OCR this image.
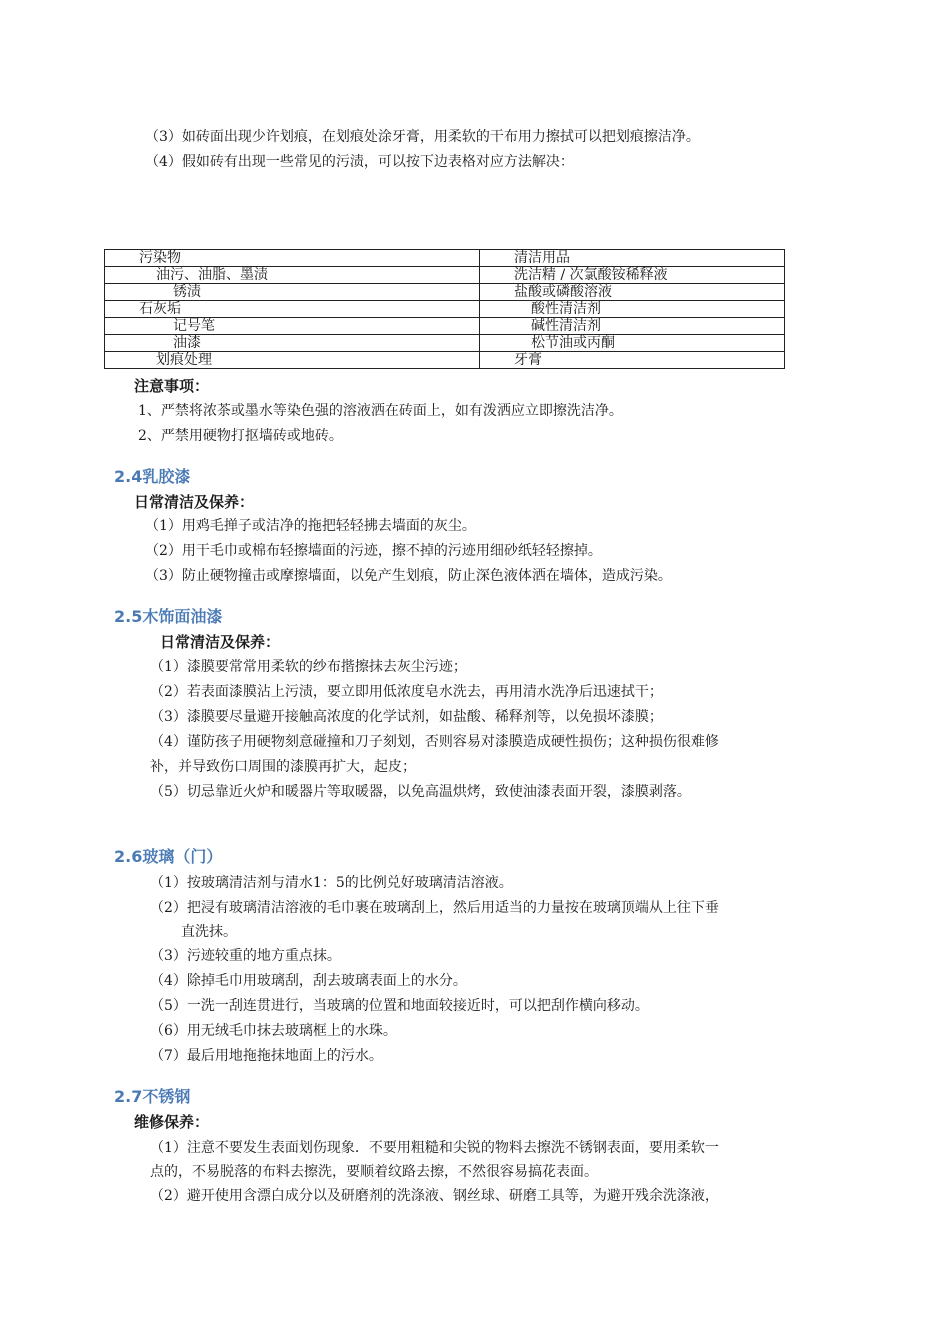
（3）如砖面出现少许划痕，在划痕处涂牙膏，用柔软的干布用力擦拭可以把划痕擦洁净。
（4）假如砖有出现一些常见的污渍，可以按下边表格对应方法解决：
污染物	清洁用品
油污、油脂、墨渍	洗洁精 / 次氯酸铵稀释液
锈渍	盐酸或磷酸溶液
石灰垢	酸性清洁剂
记号笔	碱性清洁剂
油漆	松节油或丙酮
划痕处理	牙膏
注意事项：
1、严禁将浓茶或墨水等染色强的溶液洒在砖面上，如有泼洒应立即擦洗洁净。
2、严禁用硬物打抠墙砖或地砖。
2.4乳胶漆
日常清洁及保养：
（1）用鸡毛掸子或洁净的拖把轻轻拂去墙面的灰尘。
（2）用干毛巾或棉布轻擦墙面的污迹，擦不掉的污迹用细砂纸轻轻擦掉。
（3）防止硬物撞击或摩擦墙面，以免产生划痕，防止深色液体洒在墙体，造成污染。
2.5木饰面油漆
日常清洁及保养：
（1）漆膜要常常用柔软的纱布揩擦抹去灰尘污迹；
（2）若表面漆膜沾上污渍，要立即用低浓度皂水洗去，再用清水洗净后迅速拭干；
（3）漆膜要尽量避开接触高浓度的化学试剂，如盐酸、稀释剂等，以免损坏漆膜；
（4）谨防孩子用硬物刻意碰撞和刀子刻划，否则容易对漆膜造成硬性损伤；这种损伤很难修
补，并导致伤口周围的漆膜再扩大，起皮；
（5）切忌靠近火炉和暖器片等取暖器，以免高温烘烤，致使油漆表面开裂，漆膜剥落。
2.6玻璃（门）
（1）按玻璃清洁剂与清水1：5的比例兑好玻璃清洁溶液。
（2）把浸有玻璃清洁溶液的毛巾裹在玻璃刮上，然后用适当的力量按在玻璃顶端从上往下垂
直洗抹。
（3）污迹较重的地方重点抹。
（4）除掉毛巾用玻璃刮，刮去玻璃表面上的水分。
（5）一洗一刮连贯进行，当玻璃的位置和地面较接近时，可以把刮作横向移动。
（6）用无绒毛巾抹去玻璃框上的水珠。
（7）最后用地拖拖抹地面上的污水。
2.7不锈钢
维修保养：
（1）注意不要发生表面划伤现象．不要用粗糙和尖锐的物料去擦洗不锈钢表面，要用柔软一
点的，不易脱落的布料去擦洗，要顺着纹路去擦，不然很容易搞花表面。
（2）避开使用含漂白成分以及研磨剂的洗涤液、钢丝球、研磨工具等，为避开残余洗涤液，
